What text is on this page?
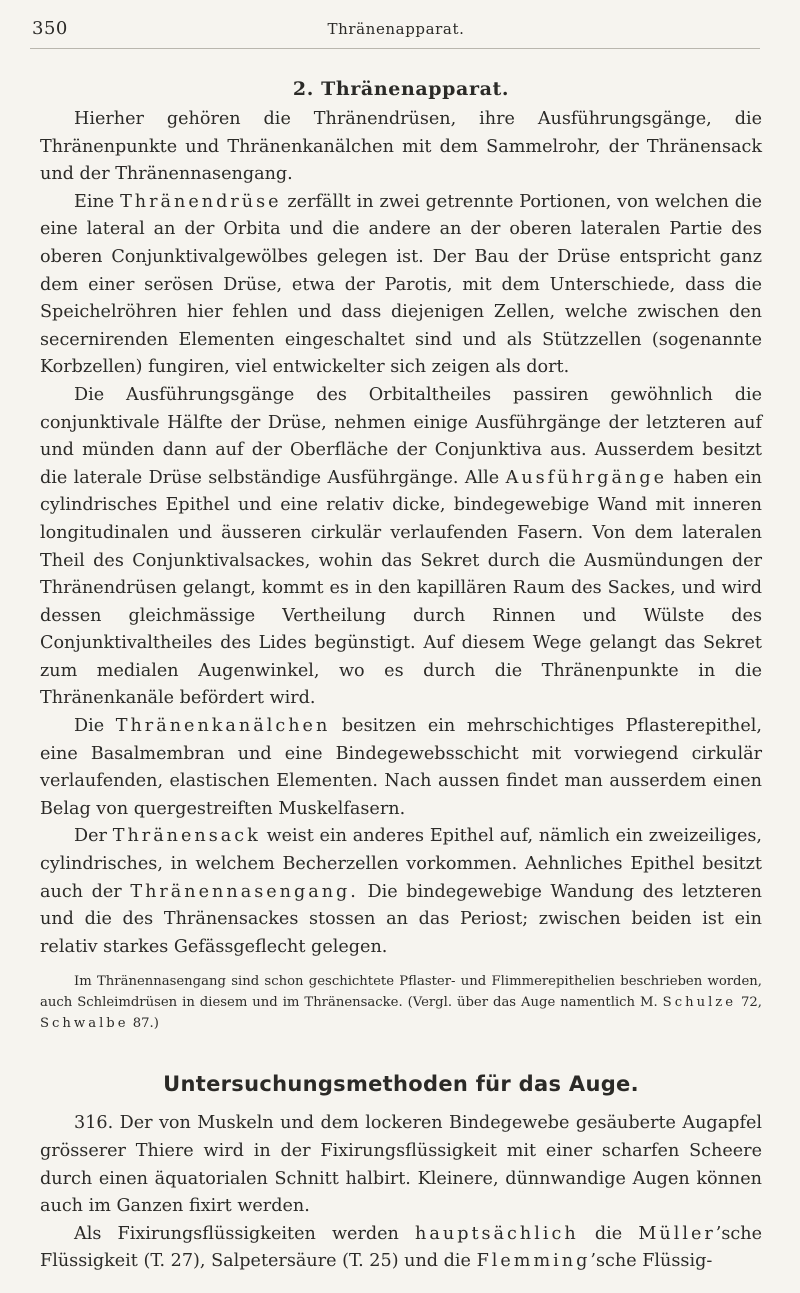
350	Thränenapparat.
2. Thränenapparat.

Hierher gehören die Thränendrüsen, ihre Ausführungsgänge, die Thränenpunkte und Thränenkanälchen mit dem Sammelrohr, der Thränensack und der Thränennasengang.

Eine Thränendrüse zerfällt in zwei getrennte Portionen, von welchen die eine lateral an der Orbita und die andere an der oberen lateralen Partie des oberen Conjunktivalgewölbes gelegen ist. Der Bau der Drüse entspricht ganz dem einer serösen Drüse, etwa der Parotis, mit dem Unterschiede, dass die Speichelröhren hier fehlen und dass diejenigen Zellen, welche zwischen den secernirenden Elementen eingeschaltet sind und als Stützzellen (sogenannte Korbzellen) fungiren, viel entwickelter sich zeigen als dort.

Die Ausführungsgänge des Orbitaltheiles passiren gewöhnlich die conjunktivale Hälfte der Drüse, nehmen einige Ausführgänge der letzteren auf und münden dann auf der Oberfläche der Conjunktiva aus. Ausserdem besitzt die laterale Drüse selbständige Ausführgänge. Alle Ausführgänge haben ein cylindrisches Epithel und eine relativ dicke, bindegewebige Wand mit inneren longitudinalen und äusseren cirkulär verlaufenden Fasern. Von dem lateralen Theil des Conjunktivalsackes, wohin das Sekret durch die Ausmündungen der Thränendrüsen gelangt, kommt es in den kapillären Raum des Sackes, und wird dessen gleichmässige Vertheilung durch Rinnen und Wülste des Conjunktivaltheiles des Lides begünstigt. Auf diesem Wege gelangt das Sekret zum medialen Augenwinkel, wo es durch die Thränenpunkte in die Thränenkanäle befördert wird.

Die Thränenkanälchen besitzen ein mehrschichtiges Pflasterepithel, eine Basalmembran und eine Bindegewebsschicht mit vorwiegend cirkulär verlaufenden, elastischen Elementen. Nach aussen findet man ausserdem einen Belag von quergestreiften Muskelfasern.

Der Thränensack weist ein anderes Epithel auf, nämlich ein zweizeiliges, cylindrisches, in welchem Becherzellen vorkommen. Aehnliches Epithel besitzt auch der Thränennasengang. Die bindegewebige Wandung des letzteren und die des Thränensackes stossen an das Periost; zwischen beiden ist ein relativ starkes Gefässgeflecht gelegen.

Im Thränennasengang sind schon geschichtete Pflaster- und Flimmerepithelien beschrieben worden, auch Schleimdrüsen in diesem und im Thränensacke. (Vergl. über das Auge namentlich M. Schulze 72, Schwalbe 87.)

Untersuchungsmethoden für das Auge.

316. Der von Muskeln und dem lockeren Bindegewebe gesäuberte Augapfel grösserer Thiere wird in der Fixirungsflüssigkeit mit einer scharfen Scheere durch einen äquatorialen Schnitt halbirt. Kleinere, dünnwandige Augen können auch im Ganzen fixirt werden.

Als Fixirungsflüssigkeiten werden hauptsächlich die Müller’sche Flüssigkeit (T. 27), Salpetersäure (T. 25) und die Flemming’sche Flüssig-
